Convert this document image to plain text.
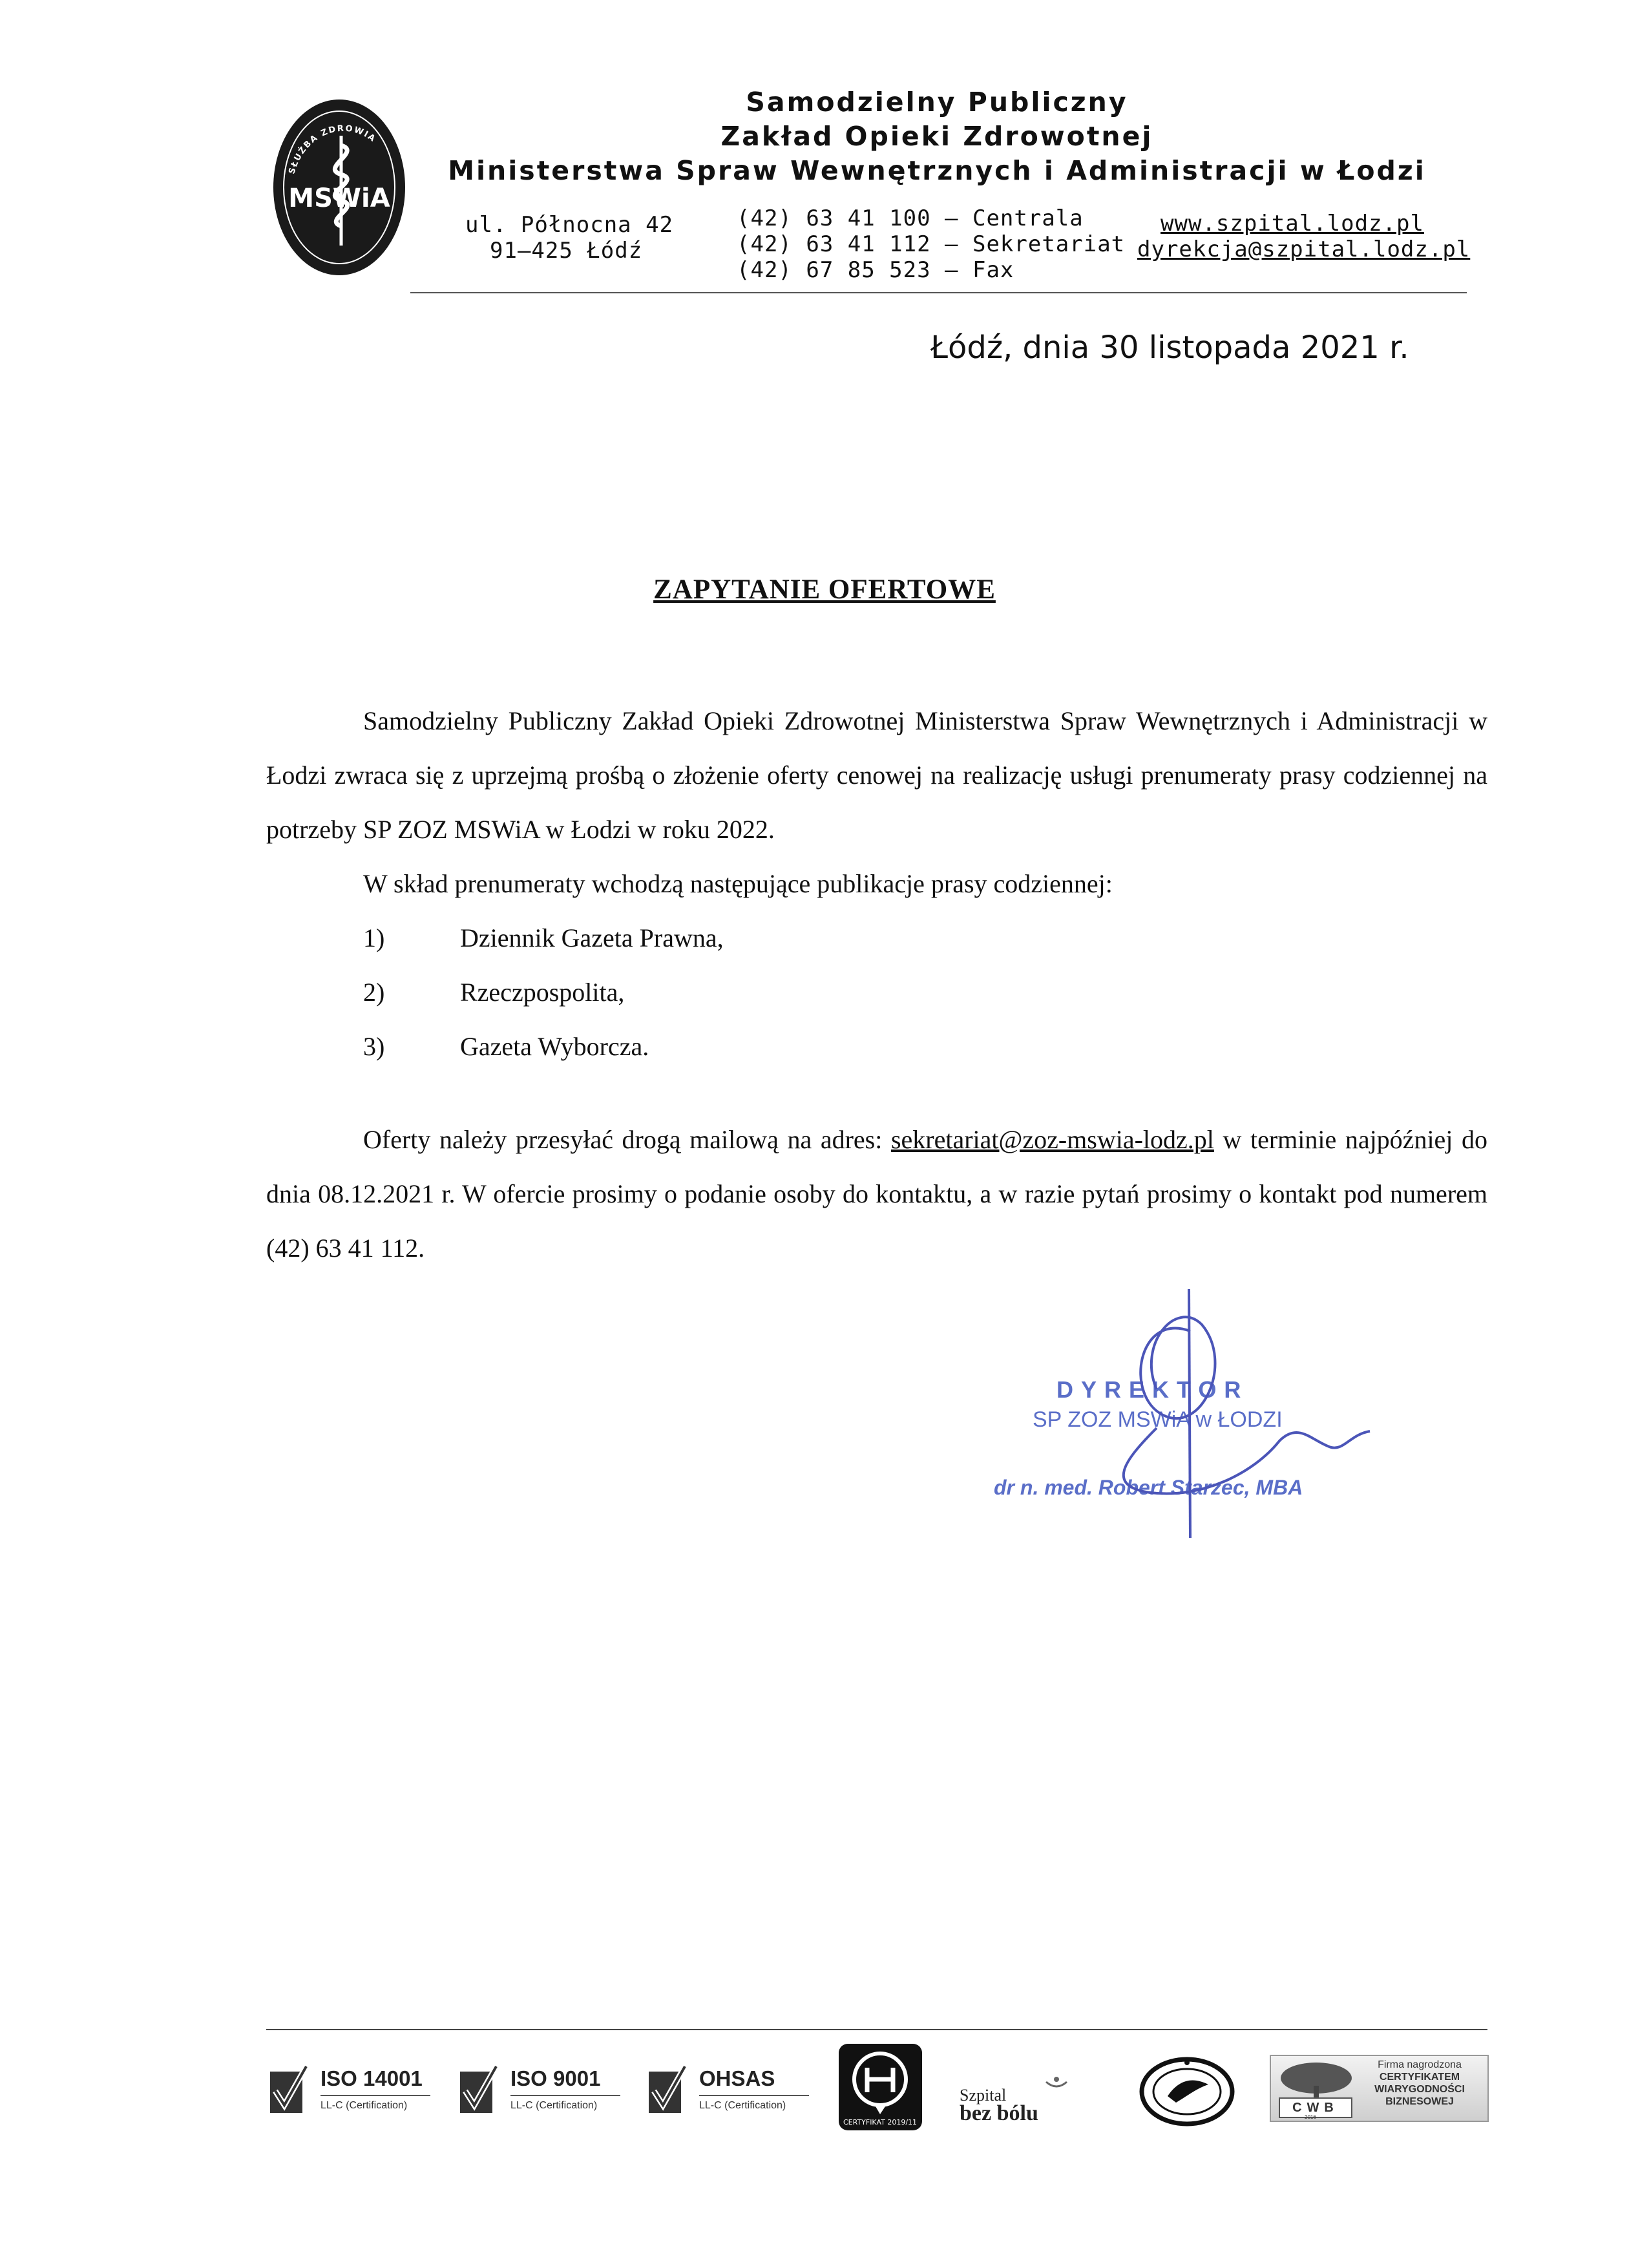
SŁUŻBA ZDROWIA
MSWiA
Samodzielny Publiczny
Zakład Opieki Zdrowotnej
Ministerstwa Spraw Wewnętrznych i Administracji w Łodzi
ul. Północna 42
91–425 Łódź
(42) 63 41 100 – Centrala
(42) 63 41 112 – Sekretariat
(42) 67 85 523 – Fax
www.szpital.lodz.pl
dyrekcja@szpital.lodz.pl
Łódź, dnia 30 listopada 2021 r.
ZAPYTANIE OFERTOWE
Samodzielny Publiczny Zakład Opieki Zdrowotnej Ministerstwa Spraw Wewnętrznych i Administracji w Łodzi zwraca się z uprzejmą prośbą o złożenie oferty cenowej na realizację usługi prenumeraty prasy codziennej na potrzeby SP ZOZ MSWiA w Łodzi w roku 2022.
W skład prenumeraty wchodzą następujące publikacje prasy codziennej:
1)	Dziennik Gazeta Prawna,
2)	Rzeczpospolita,
3)	Gazeta Wyborcza.
Oferty należy przesyłać drogą mailową na adres: sekretariat@zoz-mswia-lodz.pl w terminie najpóźniej do dnia 08.12.2021 r. W ofercie prosimy o podanie osoby do kontaktu, a w razie pytań prosimy o kontakt pod numerem (42) 63 41 112.
DYREKTOR
SP ZOZ MSWiA w ŁODZI
dr n. med. Robert Starzec, MBA
ISO 14001
LL-C (Certification)
ISO 9001
LL-C (Certification)
OHSAS
LL-C (Certification)
CERTYFIKAT 2019/11
Szpital
bez bólu	CWB
Firma nagrodzona
CERTYFIKATEM
WIARYGODNOŚCI
BIZNESOWEJ
2016
